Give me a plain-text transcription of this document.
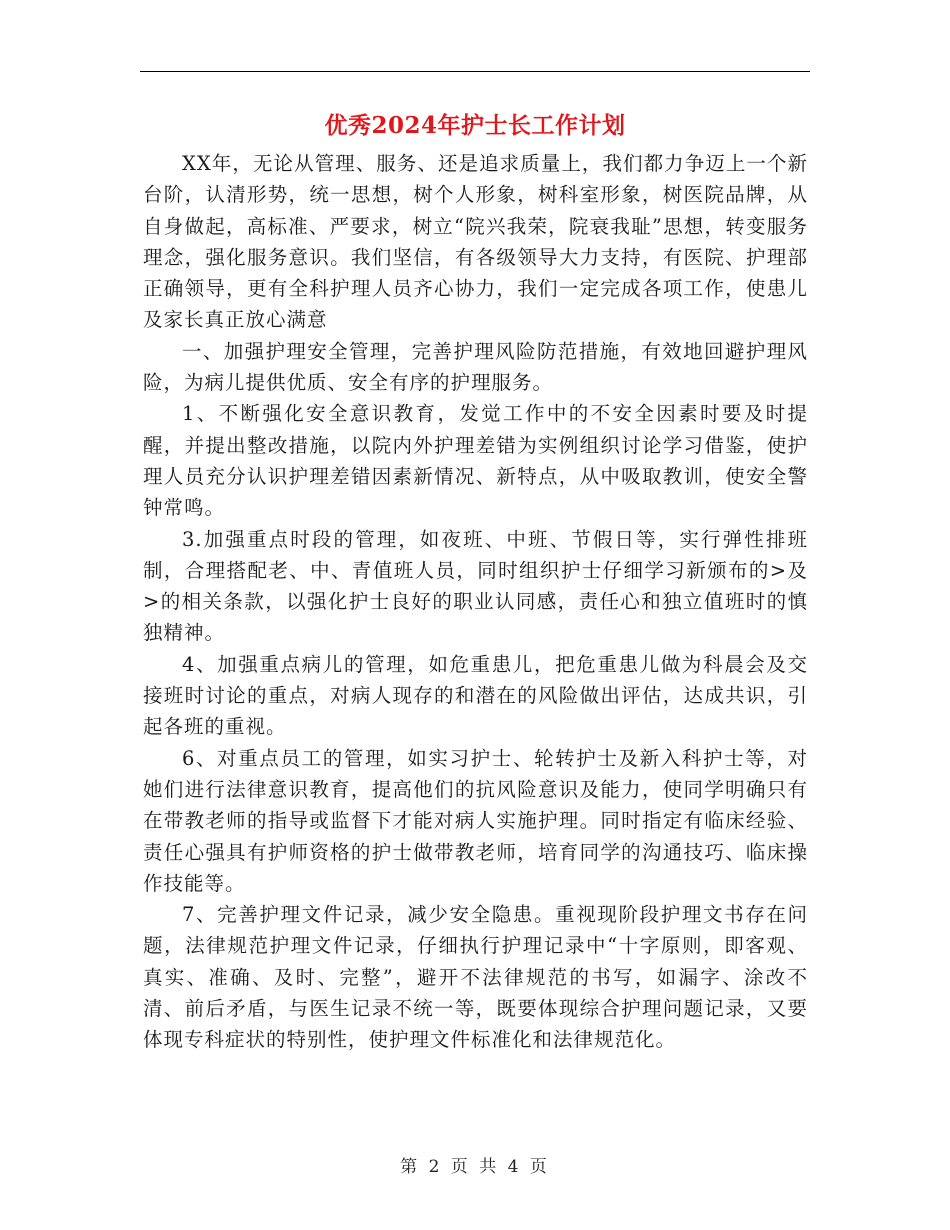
优秀2024年护士长工作计划

XX年，无论从管理、服务、还是追求质量上，我们都力争迈上一个新台阶，认清形势，统一思想，树个人形象，树科室形象，树医院品牌，从自身做起，高标准、严要求，树立“院兴我荣，院衰我耻”思想，转变服务理念，强化服务意识。我们坚信，有各级领导大力支持，有医院、护理部正确领导，更有全科护理人员齐心协力，我们一定完成各项工作，使患儿及家长真正放心满意

一、加强护理安全管理，完善护理风险防范措施，有效地回避护理风险，为病儿提供优质、安全有序的护理服务。

1、不断强化安全意识教育，发觉工作中的不安全因素时要及时提醒，并提出整改措施，以院内外护理差错为实例组织讨论学习借鉴，使护理人员充分认识护理差错因素新情况、新特点，从中吸取教训，使安全警钟常鸣。

3.加强重点时段的管理，如夜班、中班、节假日等，实行弹性排班制，合理搭配老、中、青值班人员，同时组织护士仔细学习新颁布的>及>的相关条款，以强化护士良好的职业认同感，责任心和独立值班时的慎独精神。

4、加强重点病儿的管理，如危重患儿，把危重患儿做为科晨会及交接班时讨论的重点，对病人现存的和潜在的风险做出评估，达成共识，引起各班的重视。

6、对重点员工的管理，如实习护士、轮转护士及新入科护士等，对她们进行法律意识教育，提高他们的抗风险意识及能力，使同学明确只有在带教老师的指导或监督下才能对病人实施护理。同时指定有临床经验、责任心强具有护师资格的护士做带教老师，培育同学的沟通技巧、临床操作技能等。

7、完善护理文件记录，减少安全隐患。重视现阶段护理文书存在问题，法律规范护理文件记录，仔细执行护理记录中“十字原则，即客观、真实、准确、及时、完整”，避开不法律规范的书写，如漏字、涂改不清、前后矛盾，与医生记录不统一等，既要体现综合护理问题记录，又要体现专科症状的特别性，使护理文件标准化和法律规范化。

第 2 页 共 4 页
